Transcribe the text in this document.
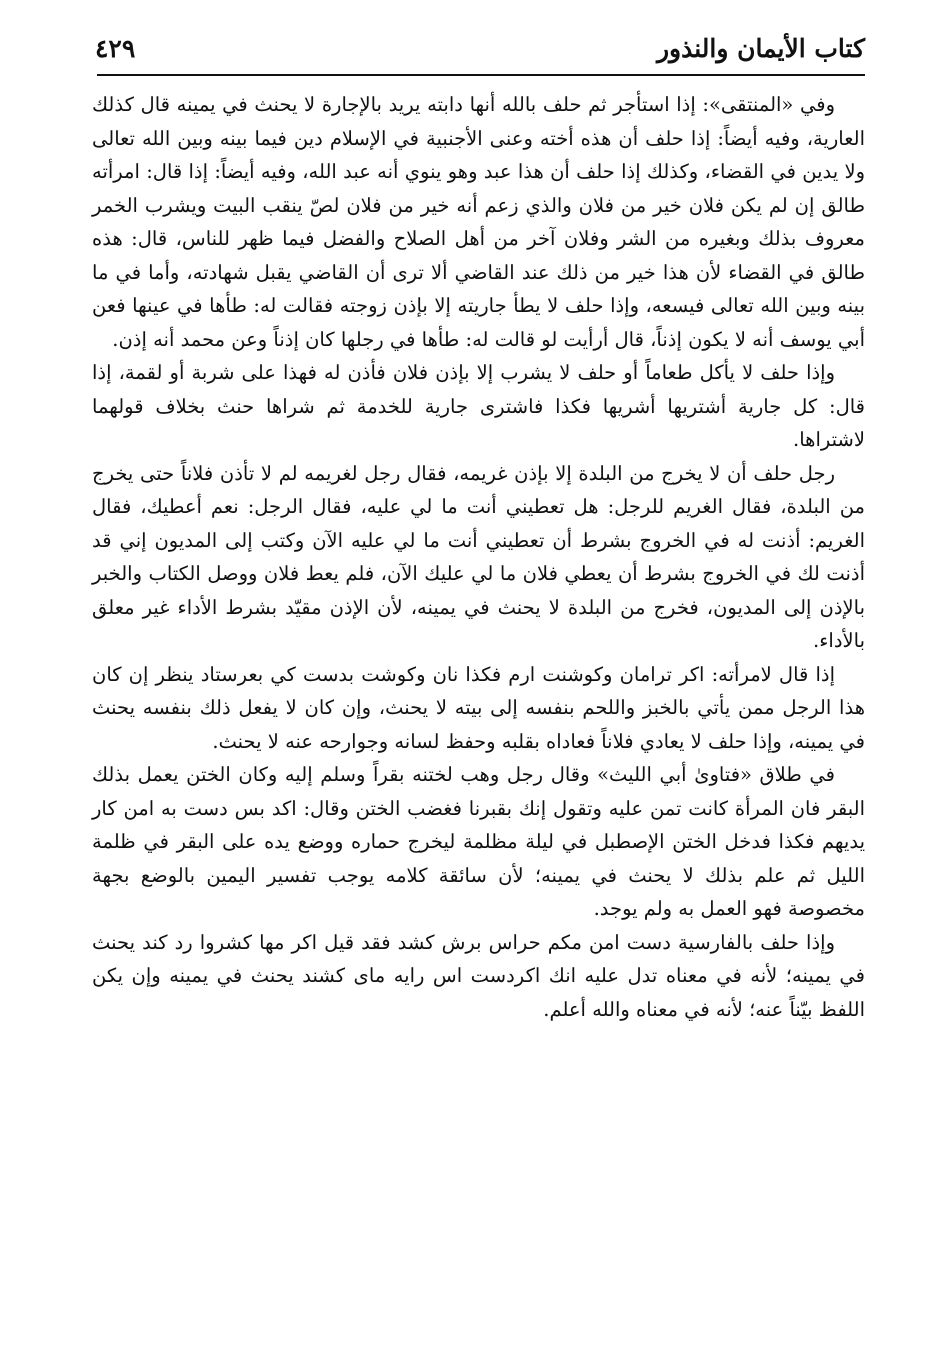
كتاب الأيمان والنذور
٤٢٩

وفي «المنتقى»: إذا استأجر ثم حلف بالله أنها دابته يريد بالإجارة لا يحنث في يمينه قال كذلك العارية، وفيه أيضاً: إذا حلف أن هذه أخته وعنى الأجنبية في الإسلام دين فيما بينه وبين الله تعالى ولا يدين في القضاء، وكذلك إذا حلف أن هذا عبد وهو ينوي أنه عبد الله، وفيه أيضاً: إذا قال: امرأته طالق إن لم يكن فلان خير من فلان والذي زعم أنه خير من فلان لصّ ينقب البيت ويشرب الخمر معروف بذلك وبغيره من الشر وفلان آخر من أهل الصلاح والفضل فيما ظهر للناس، قال: هذه طالق في القضاء لأن هذا خير من ذلك عند القاضي ألا ترى أن القاضي يقبل شهادته، وأما في ما بينه وبين الله تعالى فيسعه، وإذا حلف لا يطأ جاريته إلا بإذن زوجته فقالت له: طأها في عينها فعن أبي يوسف أنه لا يكون إذناً، قال أرأيت لو قالت له: طأها في رجلها كان إذناً وعن محمد أنه إذن.

وإذا حلف لا يأكل طعاماً أو حلف لا يشرب إلا بإذن فلان فأذن له فهذا على شربة أو لقمة، إذا قال: كل جارية أشتريها أشريها فكذا فاشترى جارية للخدمة ثم شراها حنث بخلاف قولهما لاشتراها.

رجل حلف أن لا يخرج من البلدة إلا بإذن غريمه، فقال رجل لغريمه لم لا تأذن فلاناً حتى يخرج من البلدة، فقال الغريم للرجل: هل تعطيني أنت ما لي عليه، فقال الرجل: نعم أعطيك، فقال الغريم: أذنت له في الخروج بشرط أن تعطيني أنت ما لي عليه الآن وكتب إلى المديون إني قد أذنت لك في الخروج بشرط أن يعطي فلان ما لي عليك الآن، فلم يعط فلان ووصل الكتاب والخبر بالإذن إلى المديون، فخرج من البلدة لا يحنث في يمينه، لأن الإذن مقيّد بشرط الأداء غير معلق بالأداء.

إذا قال لامرأته: اكر ترامان وكوشنت ارم فكذا نان وكوشت بدست كي بعرستاد ينظر إن كان هذا الرجل ممن يأتي بالخبز واللحم بنفسه إلى بيته لا يحنث، وإن كان لا يفعل ذلك بنفسه يحنث في يمينه، وإذا حلف لا يعادي فلاناً فعاداه بقلبه وحفظ لسانه وجوارحه عنه لا يحنث.

في طلاق «فتاوىٰ أبي الليث» وقال رجل وهب لختنه بقراً وسلم إليه وكان الختن يعمل بذلك البقر فان المرأة كانت تمن عليه وتقول إنك بقبرنا فغضب الختن وقال: اكد بس دست به امن كار يديهم فكذا فدخل الختن الإصطبل في ليلة مظلمة ليخرج حماره ووضع يده على البقر في ظلمة الليل ثم علم بذلك لا يحنث في يمينه؛ لأن سائقة كلامه يوجب تفسير اليمين بالوضع بجهة مخصوصة فهو العمل به ولم يوجد.

وإذا حلف بالفارسية دست امن مكم حراس برش كشد فقد قيل اكر مها كشروا رد كند يحنث في يمينه؛ لأنه في معناه تدل عليه انك اكردست اس رايه ماى كشند يحنث في يمينه وإن يكن اللفظ بيّناً عنه؛ لأنه في معناه والله أعلم.
